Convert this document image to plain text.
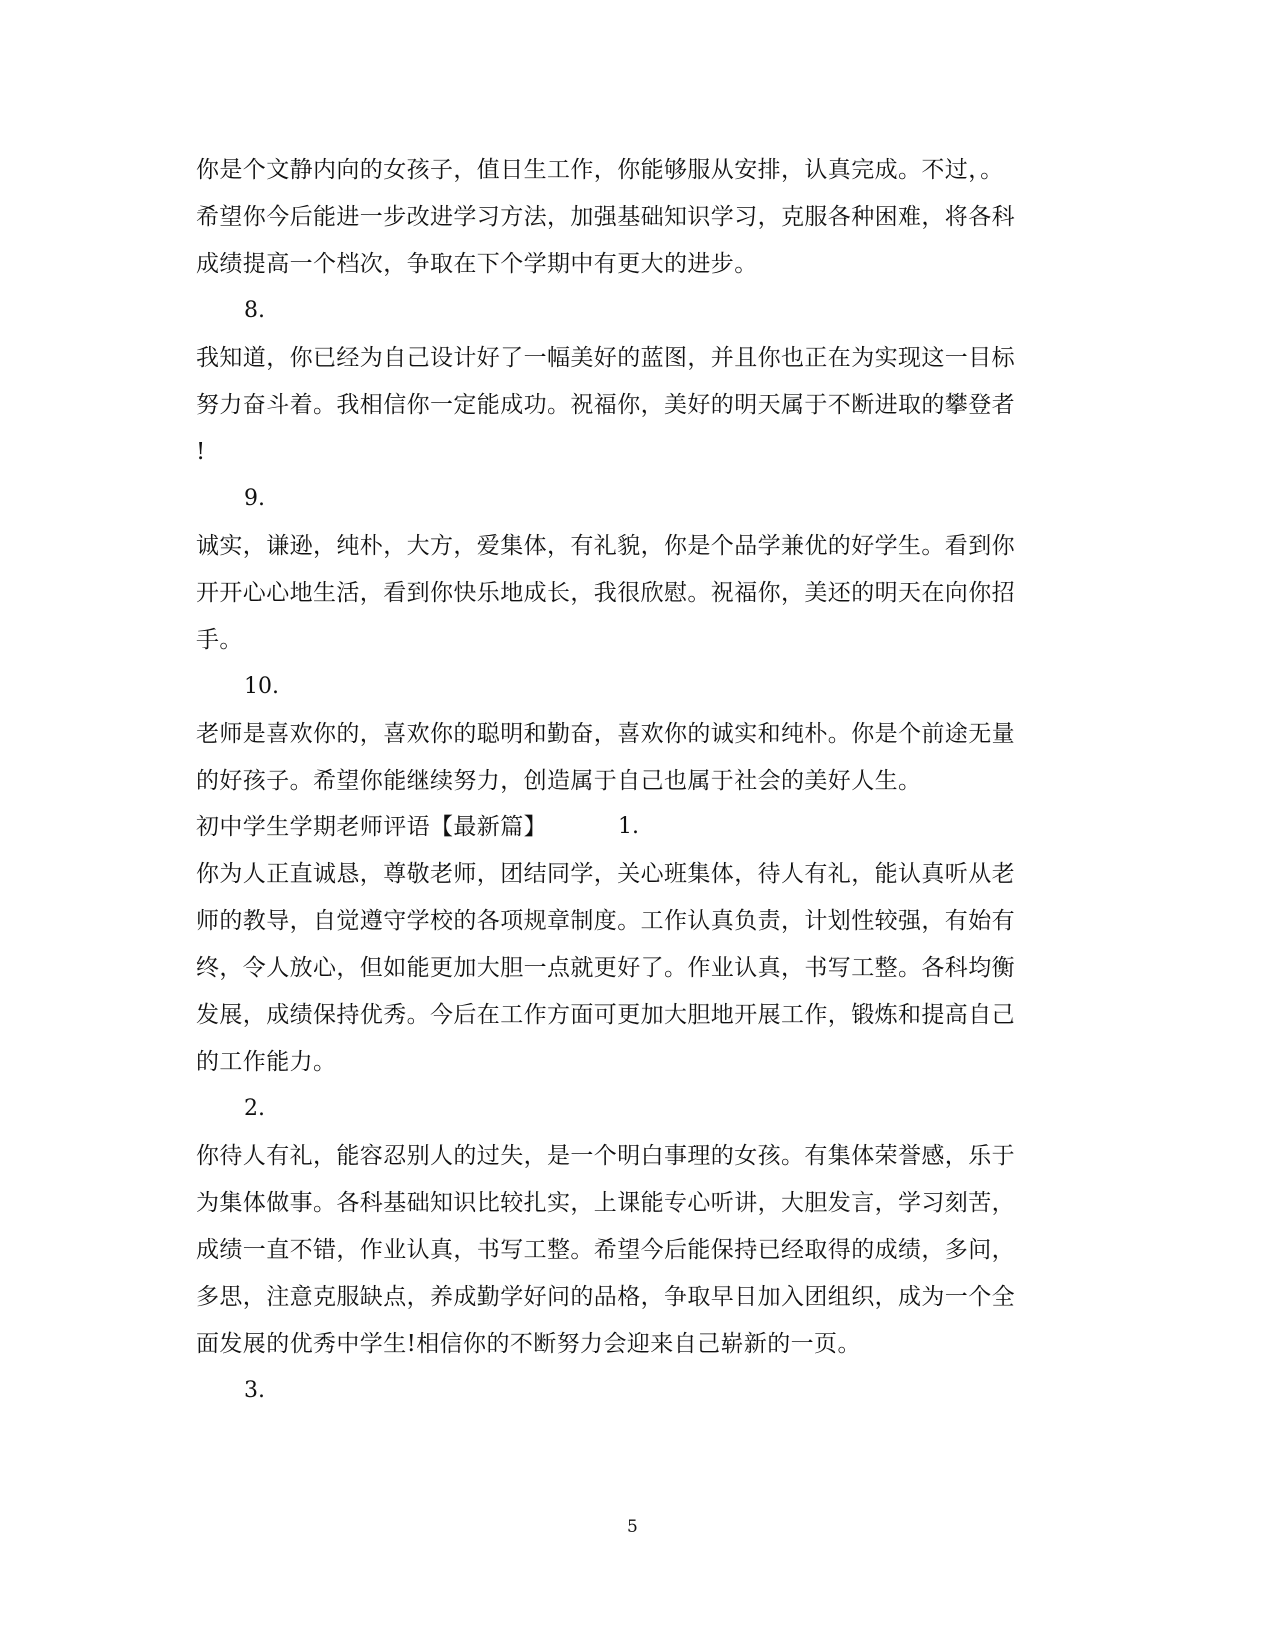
你是个文静内向的女孩子，值日生工作，你能够服从安排，认真完成。不过，。
希望你今后能进一步改进学习方法，加强基础知识学习，克服各种困难，将各科
成绩提高一个档次，争取在下个学期中有更大的进步。
8.
我知道，你已经为自己设计好了一幅美好的蓝图，并且你也正在为实现这一目标
努力奋斗着。我相信你一定能成功。祝福你，美好的明天属于不断进取的攀登者
!
9.
诚实，谦逊，纯朴，大方，爱集体，有礼貌，你是个品学兼优的好学生。看到你
开开心心地生活，看到你快乐地成长，我很欣慰。祝福你，美还的明天在向你招
手。
10.
老师是喜欢你的，喜欢你的聪明和勤奋，喜欢你的诚实和纯朴。你是个前途无量
的好孩子。希望你能继续努力，创造属于自己也属于社会的美好人生。
初中学生学期老师评语【最新篇】	1.
你为人正直诚恳，尊敬老师，团结同学，关心班集体，待人有礼，能认真听从老
师的教导，自觉遵守学校的各项规章制度。工作认真负责，计划性较强，有始有
终，令人放心，但如能更加大胆一点就更好了。作业认真，书写工整。各科均衡
发展，成绩保持优秀。今后在工作方面可更加大胆地开展工作，锻炼和提高自己
的工作能力。
2.
你待人有礼，能容忍别人的过失，是一个明白事理的女孩。有集体荣誉感，乐于
为集体做事。各科基础知识比较扎实，上课能专心听讲，大胆发言，学习刻苦，
成绩一直不错，作业认真，书写工整。希望今后能保持已经取得的成绩，多问，
多思，注意克服缺点，养成勤学好问的品格，争取早日加入团组织，成为一个全
面发展的优秀中学生!相信你的不断努力会迎来自己崭新的一页。
3.
5
